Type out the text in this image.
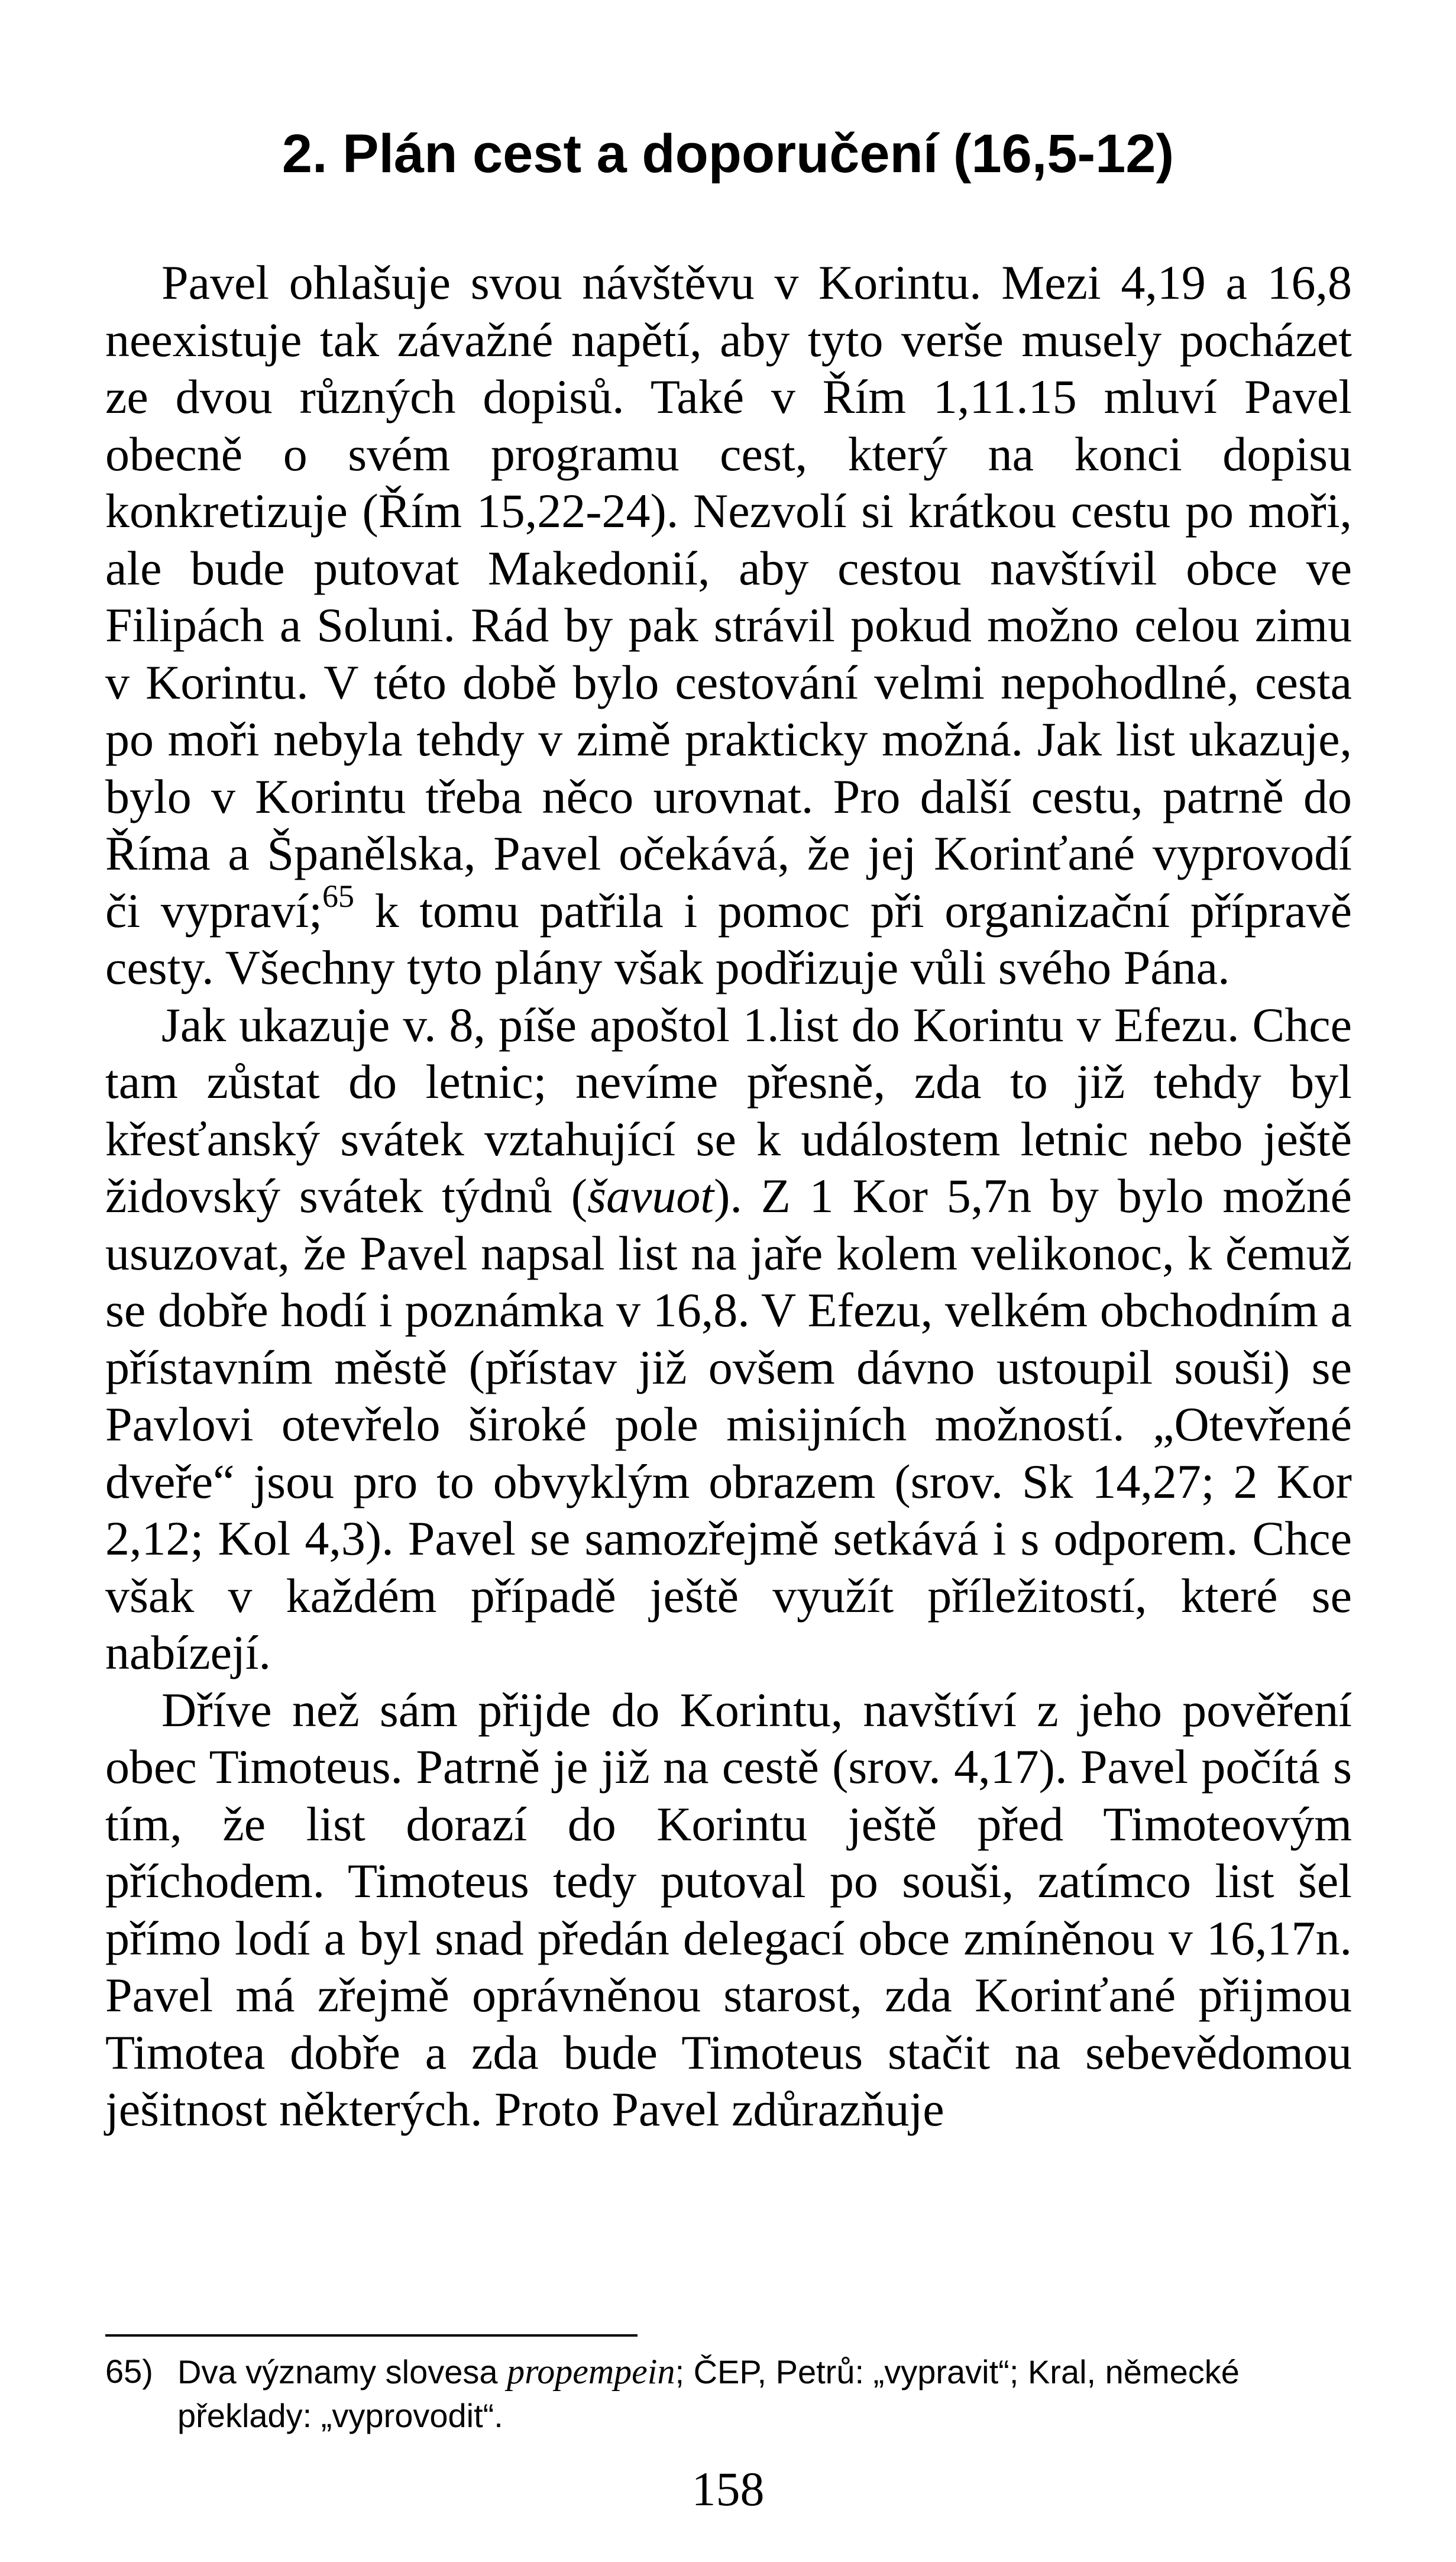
2. Plán cest a doporučení (16,5-12)

Pavel ohlašuje svou návštěvu v Korintu. Mezi 4,19 a 16,8 neexistuje tak závažné napětí, aby tyto verše musely pocházet ze dvou různých dopisů. Také v Řím 1,11.15 mluví Pavel obecně o svém programu cest, který na konci dopisu konkretizuje (Řím 15,22-24). Nezvolí si krátkou cestu po moři, ale bude putovat Makedonií, aby cestou navštívil obce ve Filipách a Soluni. Rád by pak strávil pokud možno celou zimu v Korintu. V této době bylo cestování velmi nepohodlné, cesta po moři nebyla tehdy v zimě prakticky možná. Jak list ukazuje, bylo v Korintu třeba něco urovnat. Pro další cestu, patrně do Říma a Španělska, Pavel očekává, že jej Korinťané vyprovodí či vypraví;$^{65}$ k tomu patřila i pomoc při organizační přípravě cesty. Všechny tyto plány však podřizuje vůli svého Pána.

Jak ukazuje v. 8, píše apoštol 1.list do Korintu v Efezu. Chce tam zůstat do letnic; nevíme přesně, zda to již tehdy byl křesťanský svátek vztahující se k událostem letnic nebo ještě židovský svátek týdnů (šavuot). Z 1 Kor 5,7n by bylo možné usuzovat, že Pavel napsal list na jaře kolem velikonoc, k čemuž se dobře hodí i poznámka v 16,8. V Efezu, velkém obchodním a přístavním městě (přístav již ovšem dávno ustoupil souši) se Pavlovi otevřelo široké pole misijních možností. „Otevřené dveře“ jsou pro to obvyklým obrazem (srov. Sk 14,27; 2 Kor 2,12; Kol 4,3). Pavel se samozřejmě setkává i s odporem. Chce však v každém případě ještě využít příležitostí, které se nabízejí.

Dříve než sám přijde do Korintu, navštíví z jeho pověření obec Timoteus. Patrně je již na cestě (srov. 4,17). Pavel počítá s tím, že list dorazí do Korintu ještě před Timoteovým příchodem. Timoteus tedy putoval po souši, zatímco list šel přímo lodí a byl snad předán delegací obce zmíněnou v 16,17n. Pavel má zřejmě oprávněnou starost, zda Korinťané přijmou Timotea dobře a zda bude Timoteus stačit na sebevědomou ješitnost některých. Proto Pavel zdůrazňuje

65) Dva významy slovesa propempein; ČEP, Petrů: „vypravit“; Kral, německé překlady: „vyprovodit“.
158
